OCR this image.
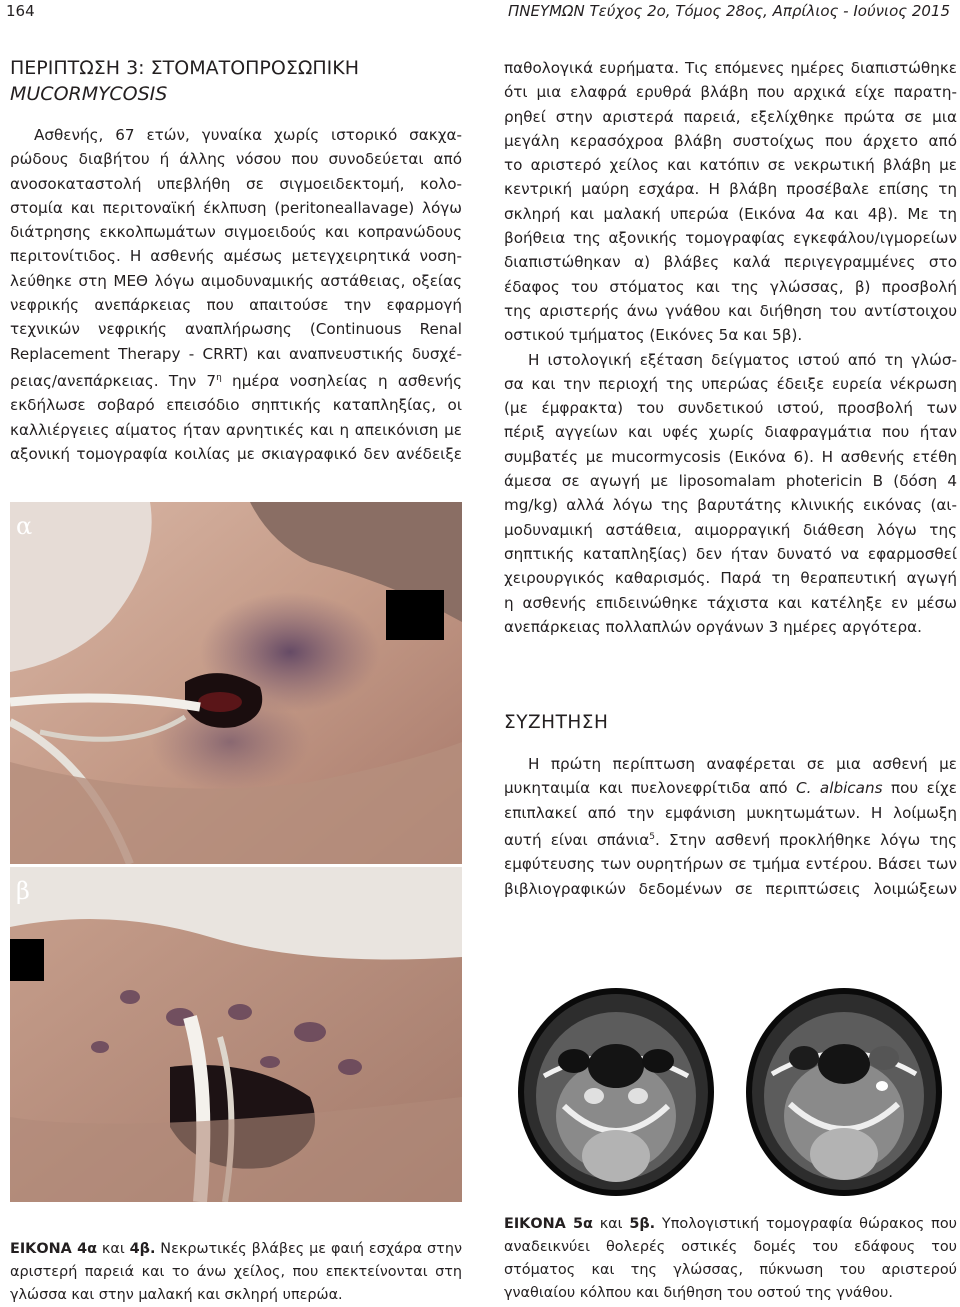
164	ΠΝΕΥΜΩΝ Τεύχος 2ο, Τόμος 28ος, Απρίλιος - Ιούνιος 2015
ΠΕΡΙΠΤΩΣΗ 3: ΣΤΟΜΑΤΟΠΡΟΣΩΠΙΚΗ
MUCORMYCOSIS

Ασθενής, 67 ετών, γυναίκα χωρίς ιστορικό σακχα-
ρώδους διαβήτου ή άλλης νόσου που συνοδεύεται από
ανοσοκαταστολή υπεβλήθη σε σιγμοειδεκτομή, κολο-
στομία και περιτοναϊκή έκλπυση (peritoneallavage) λόγω
διάτρησης εκκολπωμάτων σιγμοειδούς και κοπρανώδους
περιτονίτιδος. Η ασθενής αμέσως μετεγχειρητικά νοση-
λεύθηκε στη ΜΕΘ λόγω αιμοδυναμικής αστάθειας, οξείας
νεφρικής ανεπάρκειας που απαιτούσε την εφαρμογή
τεχνικών νεφρικής αναπλήρωσης (Continuous Renal
Replacement Therapy - CRRT) και αναπνευστικής δυσχέ-
ρειας/ανεπάρκειας. Την $7^\eta$ ημέρα νοσηλείας η ασθενής
εκδήλωσε σοβαρό επεισόδιο σηπτικής καταπληξίας, οι
καλλιέργειες αίματος ήταν αρνητικές και η απεικόνιση με
αξονική τομογραφία κοιλίας με σκιαγραφικό δεν ανέδειξε

παθολογικά ευρήματα. Τις επόμενες ημέρες διαπιστώθηκε
ότι μια ελαφρά ερυθρά βλάβη που αρχικά είχε παρατη-
ρηθεί στην αριστερά παρειά, εξελίχθηκε πρώτα σε μια
μεγάλη κερασόχροα βλάβη συστοίχως που άρχετο από
το αριστερό χείλος και κατόπιν σε νεκρωτική βλάβη με
κεντρική μαύρη εσχάρα. Η βλάβη προσέβαλε επίσης τη
σκληρή και μαλακή υπερώα (Εικόνα 4α και 4β). Με τη
βοήθεια της αξονικής τομογραφίας εγκεφάλου/ιγμορείων
διαπιστώθηκαν α) βλάβες καλά περιγεγραμμένες στο
έδαφος του στόματος και της γλώσσας, β) προσβολή
της αριστερής άνω γνάθου και διήθηση του αντίστοιχου
οστικού τμήματος (Εικόνες 5α και 5β).

Η ιστολογική εξέταση δείγματος ιστού από τη γλώσ-
σα και την περιοχή της υπερώας έδειξε ευρεία νέκρωση
(με έμφρακτα) του συνδετικού ιστού, προσβολή των
πέριξ αγγείων και υφές χωρίς διαφραγμάτια που ήταν
συμβατές με mucormycosis (Εικόνα 6). Η ασθενής ετέθη
άμεσα σε αγωγή με liposomalam photericin B (δόση 4
mg/kg) αλλά λόγω της βαρυτάτης κλινικής εικόνας (αι-
μοδυναμική αστάθεια, αιμορραγική διάθεση λόγω της
σηπτικής καταπληξίας) δεν ήταν δυνατό να εφαρμοσθεί
χειρουργικός καθαρισμός. Παρά τη θεραπευτική αγωγή
η ασθενής επιδεινώθηκε τάχιστα και κατέληξε εν μέσω
ανεπάρκειας πολλαπλών οργάνων 3 ημέρες αργότερα.

ΣΥΖΗΤΗΣΗ

Η πρώτη περίπτωση αναφέρεται σε μια ασθενή με
μυκηταιμία και πυελονεφρίτιδα από C. albicans που είχε
επιπλακεί από την εμφάνιση μυκητωμάτων. Η λοίμωξη
αυτή είναι σπάνια$^5$. Στην ασθενή προκλήθηκε λόγω της
εμφύτευσης των ουρητήρων σε τμήμα εντέρου. Βάσει των
βιβλιογραφικών δεδομένων σε περιπτώσεις λοιμώξεων

α
β
α	β

ΕΙΚΟΝΑ 4α και 4β. Νεκρωτικές βλάβες με φαιή εσχάρα στην αριστερή παρειά και το άνω χείλος, που επεκτείνονται στη γλώσσα και στην μαλακή και σκληρή υπερώα.

ΕΙΚΟΝΑ 5α και 5β. Υπολογιστική τομογραφία θώρακος που αναδεικνύει θολερές οστικές δομές του εδάφους του στόματος και της γλώσσας, πύκνωση του αριστερού γναθιαίου κόλπου και διήθηση του οστού της γνάθου.
